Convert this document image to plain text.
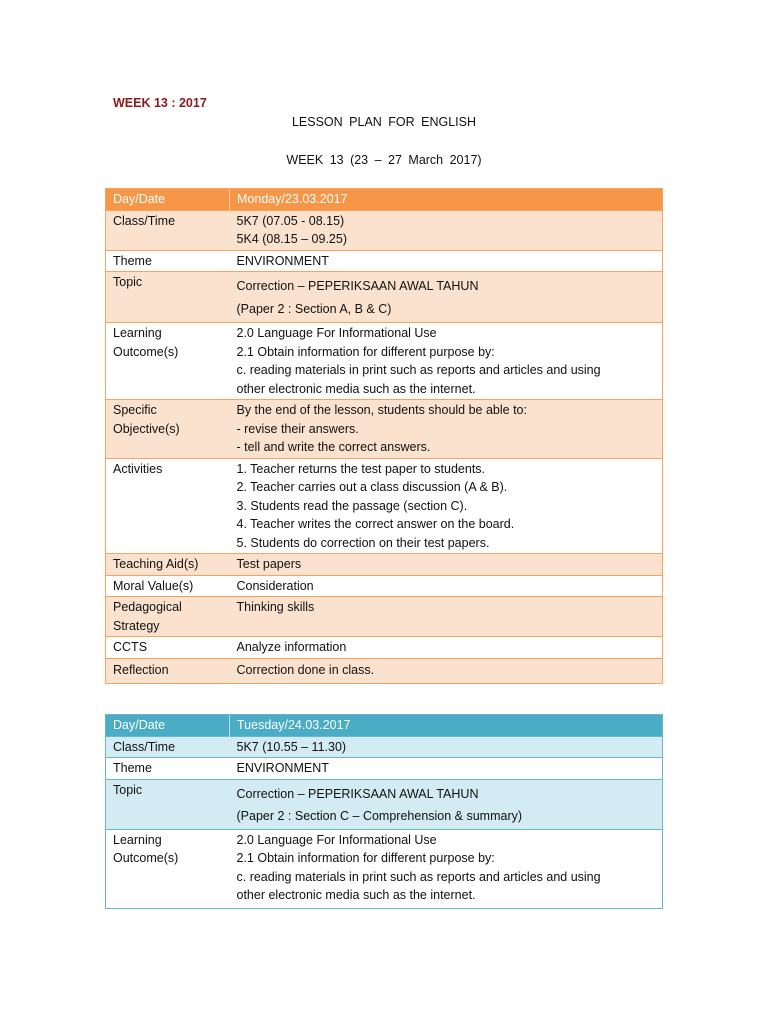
WEEK 13 : 2017
LESSON PLAN FOR ENGLISH
WEEK 13 (23 – 27 March 2017)
Day/Date	Monday/23.03.2017
Class/Time	5K7 (07.05 - 08.15)
5K4 (08.15 – 09.25)

Theme	ENVIRONMENT
Topic	Correction – PEPERIKSAAN AWAL TAHUN
(Paper 2 : Section A, B & C)

Learning
Outcome(s)	2.0 Language For Informational Use
2.1 Obtain information for different purpose by:
c. reading materials in print such as reports and articles and using
other electronic media such as the internet.

Specific
Objective(s)	By the end of the lesson, students should be able to:
- revise their answers.
- tell and write the correct answers.

Activities	1. Teacher returns the test paper to students.
2. Teacher carries out a class discussion (A & B).
3. Students read the passage (section C).
4. Teacher writes the correct answer on the board.
5. Students do correction on their test papers.

Teaching Aid(s)	Test papers
Moral Value(s)	Consideration

Pedagogical
Strategy	Thinking skills
CCTS	Analyze information
Reflection	Correction done in class.
Day/Date	Tuesday/24.03.2017
Class/Time	5K7 (10.55 – 11.30)
Theme	ENVIRONMENT
Topic	Correction – PEPERIKSAAN AWAL TAHUN
(Paper 2 : Section C – Comprehension & summary)

Learning
Outcome(s)	2.0 Language For Informational Use
2.1 Obtain information for different purpose by:
c. reading materials in print such as reports and articles and using
other electronic media such as the internet.
